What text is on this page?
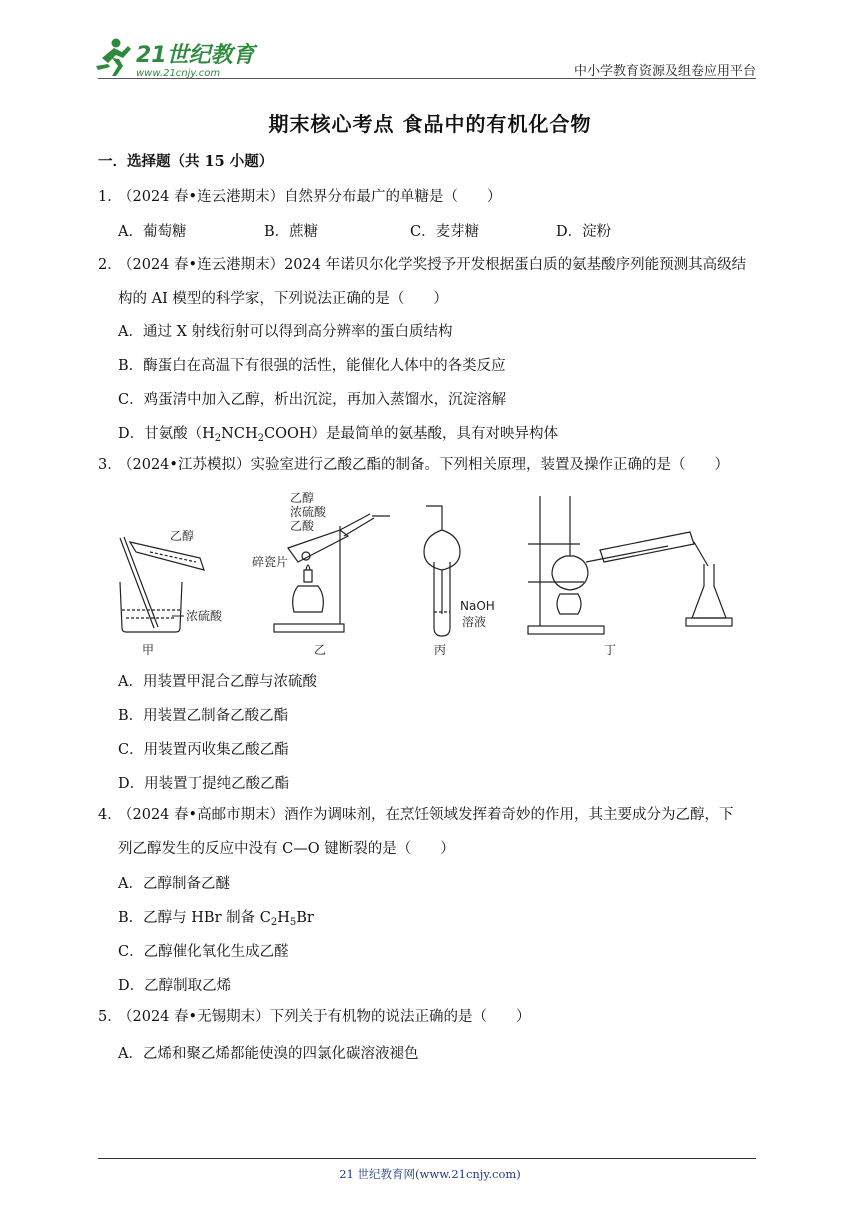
21世纪教育
www.21cnjy.com	中小学教育资源及组卷应用平台
期末核心考点 食品中的有机化合物
一．选择题（共 15 小题）
1．（2024 春•连云港期末）自然界分布最广的单糖是（　　）
A．葡萄糖	B．蔗糖	C．麦芽糖	D．淀粉
2．（2024 春•连云港期末）2024 年诺贝尔化学奖授予开发根据蛋白质的氨基酸序列能预测其高级结
构的 AI 模型的科学家，下列说法正确的是（　　）
A．通过 X 射线衍射可以得到高分辨率的蛋白质结构
B．酶蛋白在高温下有很强的活性，能催化人体中的各类反应
C．鸡蛋清中加入乙醇，析出沉淀，再加入蒸馏水，沉淀溶解
D．甘氨酸$(H_2NCH_2COOH)$是最简单的氨基酸，具有对映异构体
3．（2024•江苏模拟）实验室进行乙酸乙酯的制备。下列相关原理，装置及操作正确的是（　　）
乙醇
浓硫酸
甲
乙醇
浓硫酸
乙酸
碎瓷片
乙
NaOH
溶液
丙	丁
A．用装置甲混合乙醇与浓硫酸
B．用装置乙制备乙酸乙酯
C．用装置丙收集乙酸乙酯
D．用装置丁提纯乙酸乙酯
4．（2024 春•高邮市期末）酒作为调味剂，在烹饪领域发挥着奇妙的作用，其主要成分为乙醇，下
列乙醇发生的反应中没有 C—O 键断裂的是（　　）
A．乙醇制备乙醚
B．乙醇与 HBr 制备 $C_2H_5Br$
C．乙醇催化氧化生成乙醛
D．乙醇制取乙烯
5．（2024 春•无锡期末）下列关于有机物的说法正确的是（　　）
A．乙烯和聚乙烯都能使溴的四氯化碳溶液褪色
21 世纪教育网(www.21cnjy.com)
